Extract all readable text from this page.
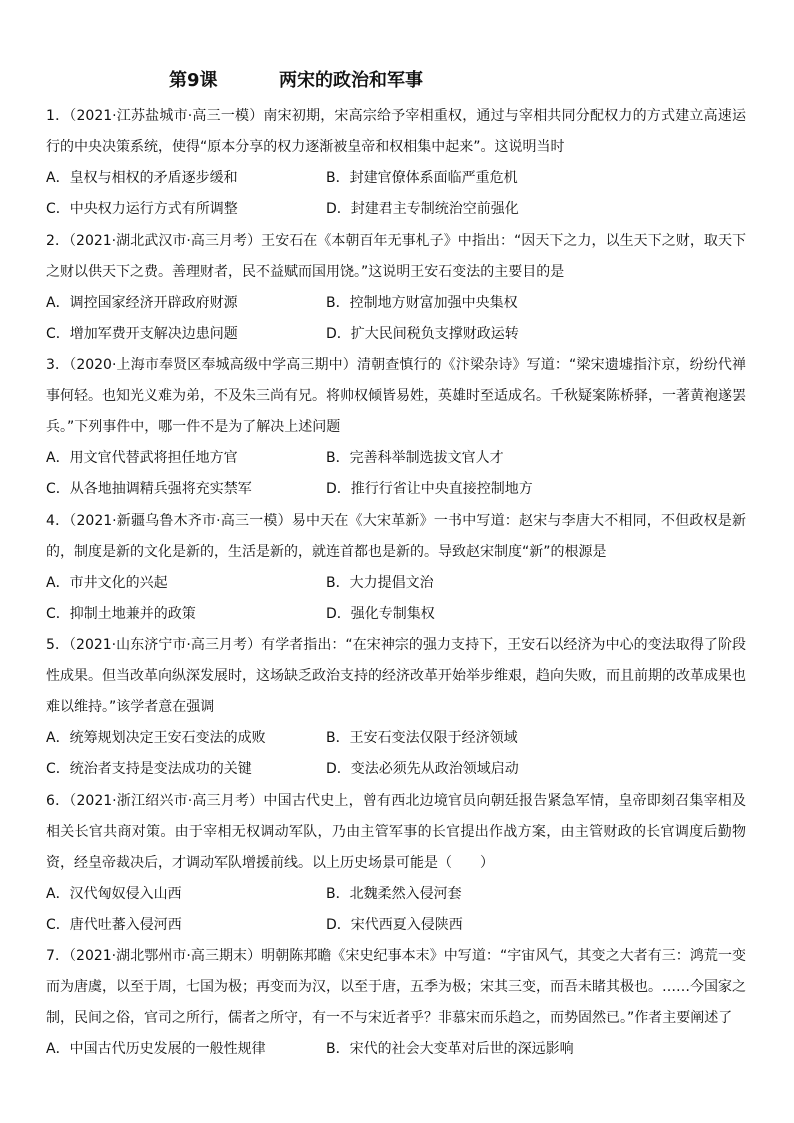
第9课	两宋的政治和军事

1．（2021·江苏盐城市·高三一模）南宋初期，宋高宗给予宰相重权，通过与宰相共同分配权力的方式建立高速运行的中央决策系统，使得“原本分享的权力逐渐被皇帝和权相集中起来”。这说明当时

A．皇权与相权的矛盾逐步缓和	B．封建官僚体系面临严重危机
C．中央权力运行方式有所调整	D．封建君主专制统治空前强化

2．（2021·湖北武汉市·高三月考）王安石在《本朝百年无事札子》中指出：“因天下之力，以生天下之财，取天下之财以供天下之费。善理财者，民不益赋而国用饶。”这说明王安石变法的主要目的是

A．调控国家经济开辟政府财源	B．控制地方财富加强中央集权
C．增加军费开支解决边患问题	D．扩大民间税负支撑财政运转

3．（2020·上海市奉贤区奉城高级中学高三期中）清朝查慎行的《汴梁杂诗》写道：“梁宋遗墟指汴京，纷纷代禅事何轻。也知光义难为弟，不及朱三尚有兄。将帅权倾皆易姓，英雄时至适成名。千秋疑案陈桥驿，一著黄袍遂罢兵。”下列事件中，哪一件不是为了解决上述问题

A．用文官代替武将担任地方官	B．完善科举制选拔文官人才
C．从各地抽调精兵强将充实禁军	D．推行行省让中央直接控制地方

4．（2021·新疆乌鲁木齐市·高三一模）易中天在《大宋革新》一书中写道：赵宋与李唐大不相同，不但政权是新的，制度是新的文化是新的，生活是新的，就连首都也是新的。导致赵宋制度“新”的根源是

A．市井文化的兴起	B．大力提倡文治
C．抑制土地兼并的政策	D．强化专制集权

5．（2021·山东济宁市·高三月考）有学者指出：“在宋神宗的强力支持下，王安石以经济为中心的变法取得了阶段性成果。但当改革向纵深发展时，这场缺乏政治支持的经济改革开始举步维艰，趋向失败，而且前期的改革成果也难以维持。”该学者意在强调

A．统筹规划决定王安石变法的成败	B．王安石变法仅限于经济领域
C．统治者支持是变法成功的关键	D．变法必须先从政治领域启动

6．（2021·浙江绍兴市·高三月考）中国古代史上，曾有西北边境官员向朝廷报告紧急军情，皇帝即刻召集宰相及相关长官共商对策。由于宰相无权调动军队，乃由主管军事的长官提出作战方案，由主管财政的长官调度后勤物资，经皇帝裁决后，才调动军队增援前线。以上历史场景可能是（　　）

A．汉代匈奴侵入山西	B．北魏柔然入侵河套
C．唐代吐蕃入侵河西	D．宋代西夏入侵陕西

7．（2021·湖北鄂州市·高三期末）明朝陈邦瞻《宋史纪事本末》中写道：“宇宙风气，其变之大者有三：鸿荒一变而为唐虞，以至于周，七国为极；再变而为汉，以至于唐，五季为极；宋其三变，而吾未睹其极也。……今国家之制，民间之俗，官司之所行，儒者之所守，有一不与宋近者乎？非慕宋而乐趋之，而势固然已。”作者主要阐述了

A．中国古代历史发展的一般性规律	B．宋代的社会大变革对后世的深远影响
